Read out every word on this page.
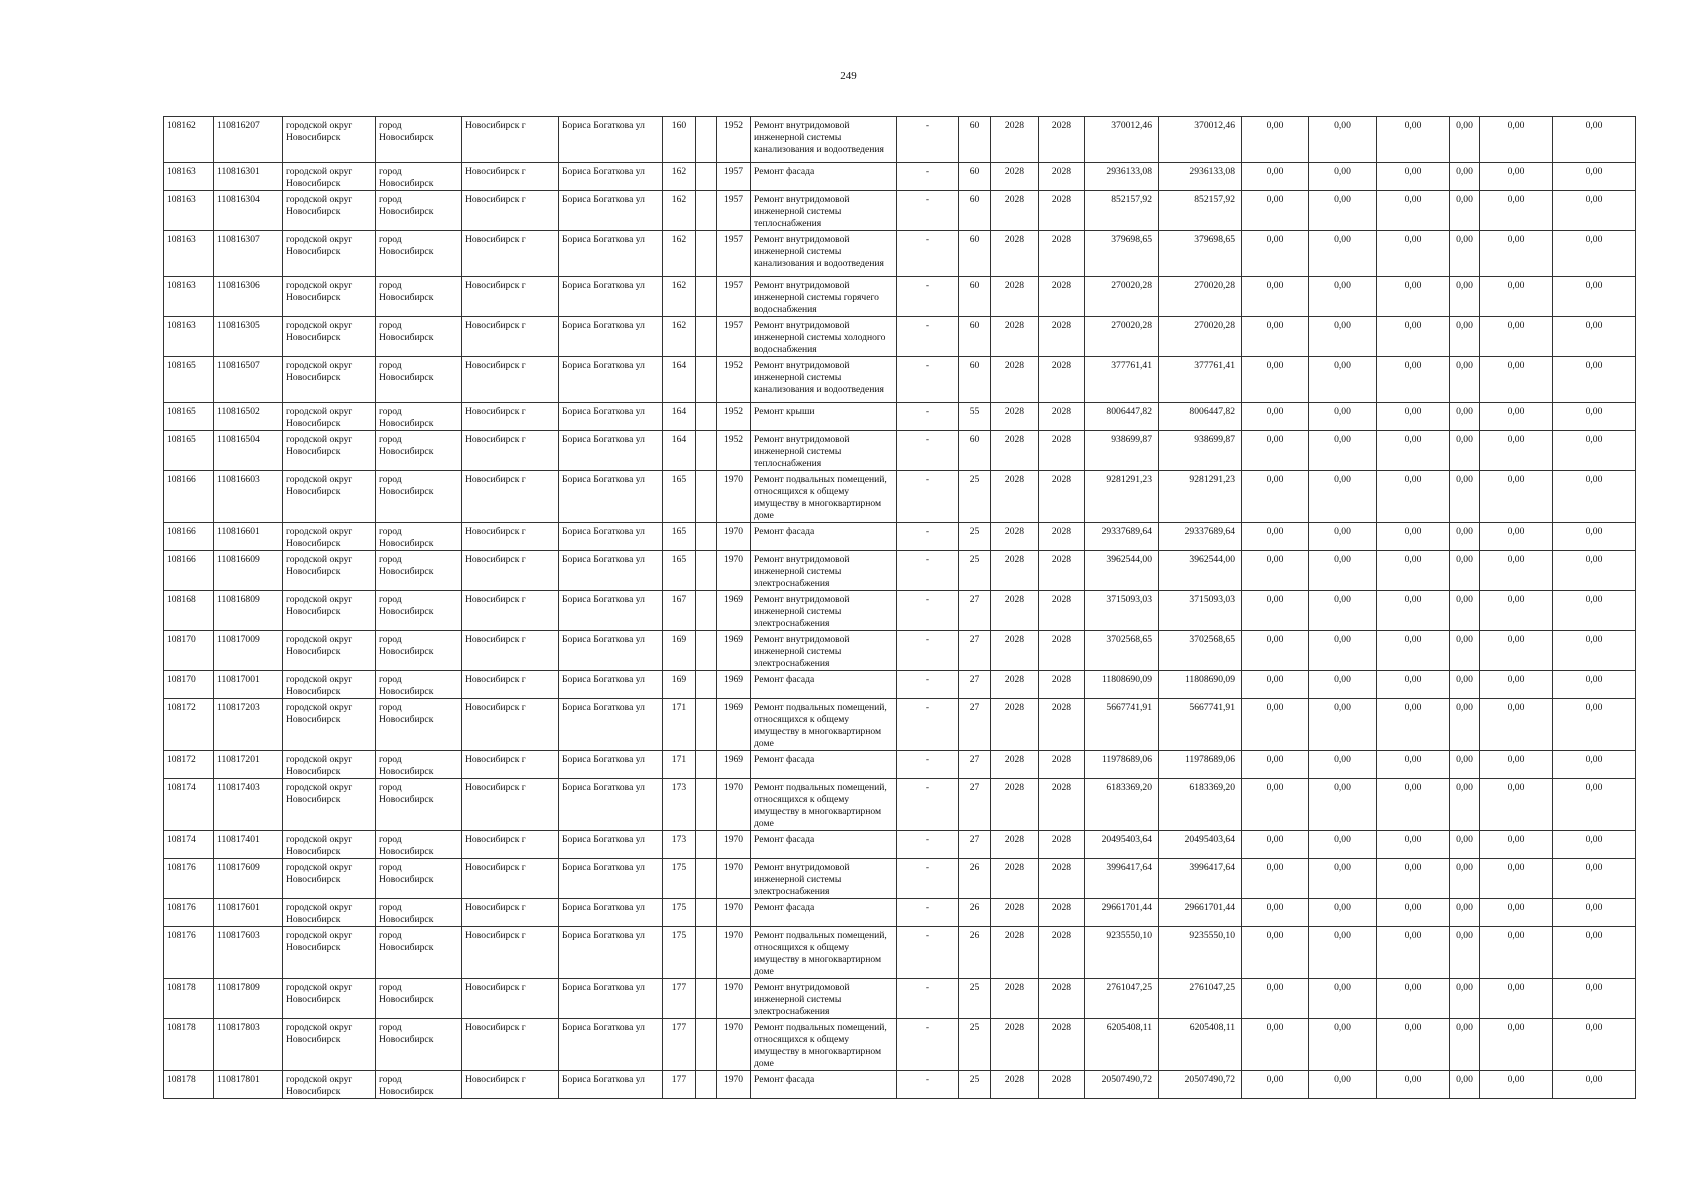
249
108162	110816207	городской округ Новосибирск	город Новосибирск	Новосибирск г	Бориса Богаткова ул	160		1952	Ремонт внутридомовой инженерной системы канализования и водоотведения	-	60	2028	2028	370012,46	370012,46	0,00	0,00	0,00	0,00	0,00	0,00
108163	110816301	городской округ Новосибирск	город Новосибирск	Новосибирск г	Бориса Богаткова ул	162		1957	Ремонт фасада	-	60	2028	2028	2936133,08	2936133,08	0,00	0,00	0,00	0,00	0,00	0,00
108163	110816304	городской округ Новосибирск	город Новосибирск	Новосибирск г	Бориса Богаткова ул	162		1957	Ремонт внутридомовой инженерной системы теплоснабжения	-	60	2028	2028	852157,92	852157,92	0,00	0,00	0,00	0,00	0,00	0,00
108163	110816307	городской округ Новосибирск	город Новосибирск	Новосибирск г	Бориса Богаткова ул	162		1957	Ремонт внутридомовой инженерной системы канализования и водоотведения	-	60	2028	2028	379698,65	379698,65	0,00	0,00	0,00	0,00	0,00	0,00
108163	110816306	городской округ Новосибирск	город Новосибирск	Новосибирск г	Бориса Богаткова ул	162		1957	Ремонт внутридомовой инженерной системы горячего водоснабжения	-	60	2028	2028	270020,28	270020,28	0,00	0,00	0,00	0,00	0,00	0,00
108163	110816305	городской округ Новосибирск	город Новосибирск	Новосибирск г	Бориса Богаткова ул	162		1957	Ремонт внутридомовой инженерной системы холодного водоснабжения	-	60	2028	2028	270020,28	270020,28	0,00	0,00	0,00	0,00	0,00	0,00
108165	110816507	городской округ Новосибирск	город Новосибирск	Новосибирск г	Бориса Богаткова ул	164		1952	Ремонт внутридомовой инженерной системы канализования и водоотведения	-	60	2028	2028	377761,41	377761,41	0,00	0,00	0,00	0,00	0,00	0,00
108165	110816502	городской округ Новосибирск	город Новосибирск	Новосибирск г	Бориса Богаткова ул	164		1952	Ремонт крыши	-	55	2028	2028	8006447,82	8006447,82	0,00	0,00	0,00	0,00	0,00	0,00
108165	110816504	городской округ Новосибирск	город Новосибирск	Новосибирск г	Бориса Богаткова ул	164		1952	Ремонт внутридомовой инженерной системы теплоснабжения	-	60	2028	2028	938699,87	938699,87	0,00	0,00	0,00	0,00	0,00	0,00
108166	110816603	городской округ Новосибирск	город Новосибирск	Новосибирск г	Бориса Богаткова ул	165		1970	Ремонт подвальных помещений, относящихся к общему имуществу в многоквартирном доме	-	25	2028	2028	9281291,23	9281291,23	0,00	0,00	0,00	0,00	0,00	0,00
108166	110816601	городской округ Новосибирск	город Новосибирск	Новосибирск г	Бориса Богаткова ул	165		1970	Ремонт фасада	-	25	2028	2028	29337689,64	29337689,64	0,00	0,00	0,00	0,00	0,00	0,00
108166	110816609	городской округ Новосибирск	город Новосибирск	Новосибирск г	Бориса Богаткова ул	165		1970	Ремонт внутридомовой инженерной системы электроснабжения	-	25	2028	2028	3962544,00	3962544,00	0,00	0,00	0,00	0,00	0,00	0,00
108168	110816809	городской округ Новосибирск	город Новосибирск	Новосибирск г	Бориса Богаткова ул	167		1969	Ремонт внутридомовой инженерной системы электроснабжения	-	27	2028	2028	3715093,03	3715093,03	0,00	0,00	0,00	0,00	0,00	0,00
108170	110817009	городской округ Новосибирск	город Новосибирск	Новосибирск г	Бориса Богаткова ул	169		1969	Ремонт внутридомовой инженерной системы электроснабжения	-	27	2028	2028	3702568,65	3702568,65	0,00	0,00	0,00	0,00	0,00	0,00
108170	110817001	городской округ Новосибирск	город Новосибирск	Новосибирск г	Бориса Богаткова ул	169		1969	Ремонт фасада	-	27	2028	2028	11808690,09	11808690,09	0,00	0,00	0,00	0,00	0,00	0,00
108172	110817203	городской округ Новосибирск	город Новосибирск	Новосибирск г	Бориса Богаткова ул	171		1969	Ремонт подвальных помещений, относящихся к общему имуществу в многоквартирном доме	-	27	2028	2028	5667741,91	5667741,91	0,00	0,00	0,00	0,00	0,00	0,00
108172	110817201	городской округ Новосибирск	город Новосибирск	Новосибирск г	Бориса Богаткова ул	171		1969	Ремонт фасада	-	27	2028	2028	11978689,06	11978689,06	0,00	0,00	0,00	0,00	0,00	0,00
108174	110817403	городской округ Новосибирск	город Новосибирск	Новосибирск г	Бориса Богаткова ул	173		1970	Ремонт подвальных помещений, относящихся к общему имуществу в многоквартирном доме	-	27	2028	2028	6183369,20	6183369,20	0,00	0,00	0,00	0,00	0,00	0,00
108174	110817401	городской округ Новосибирск	город Новосибирск	Новосибирск г	Бориса Богаткова ул	173		1970	Ремонт фасада	-	27	2028	2028	20495403,64	20495403,64	0,00	0,00	0,00	0,00	0,00	0,00
108176	110817609	городской округ Новосибирск	город Новосибирск	Новосибирск г	Бориса Богаткова ул	175		1970	Ремонт внутридомовой инженерной системы электроснабжения	-	26	2028	2028	3996417,64	3996417,64	0,00	0,00	0,00	0,00	0,00	0,00
108176	110817601	городской округ Новосибирск	город Новосибирск	Новосибирск г	Бориса Богаткова ул	175		1970	Ремонт фасада	-	26	2028	2028	29661701,44	29661701,44	0,00	0,00	0,00	0,00	0,00	0,00
108176	110817603	городской округ Новосибирск	город Новосибирск	Новосибирск г	Бориса Богаткова ул	175		1970	Ремонт подвальных помещений, относящихся к общему имуществу в многоквартирном доме	-	26	2028	2028	9235550,10	9235550,10	0,00	0,00	0,00	0,00	0,00	0,00
108178	110817809	городской округ Новосибирск	город Новосибирск	Новосибирск г	Бориса Богаткова ул	177		1970	Ремонт внутридомовой инженерной системы электроснабжения	-	25	2028	2028	2761047,25	2761047,25	0,00	0,00	0,00	0,00	0,00	0,00
108178	110817803	городской округ Новосибирск	город Новосибирск	Новосибирск г	Бориса Богаткова ул	177		1970	Ремонт подвальных помещений, относящихся к общему имуществу в многоквартирном доме	-	25	2028	2028	6205408,11	6205408,11	0,00	0,00	0,00	0,00	0,00	0,00
108178	110817801	городской округ Новосибирск	город Новосибирск	Новосибирск г	Бориса Богаткова ул	177		1970	Ремонт фасада	-	25	2028	2028	20507490,72	20507490,72	0,00	0,00	0,00	0,00	0,00	0,00
